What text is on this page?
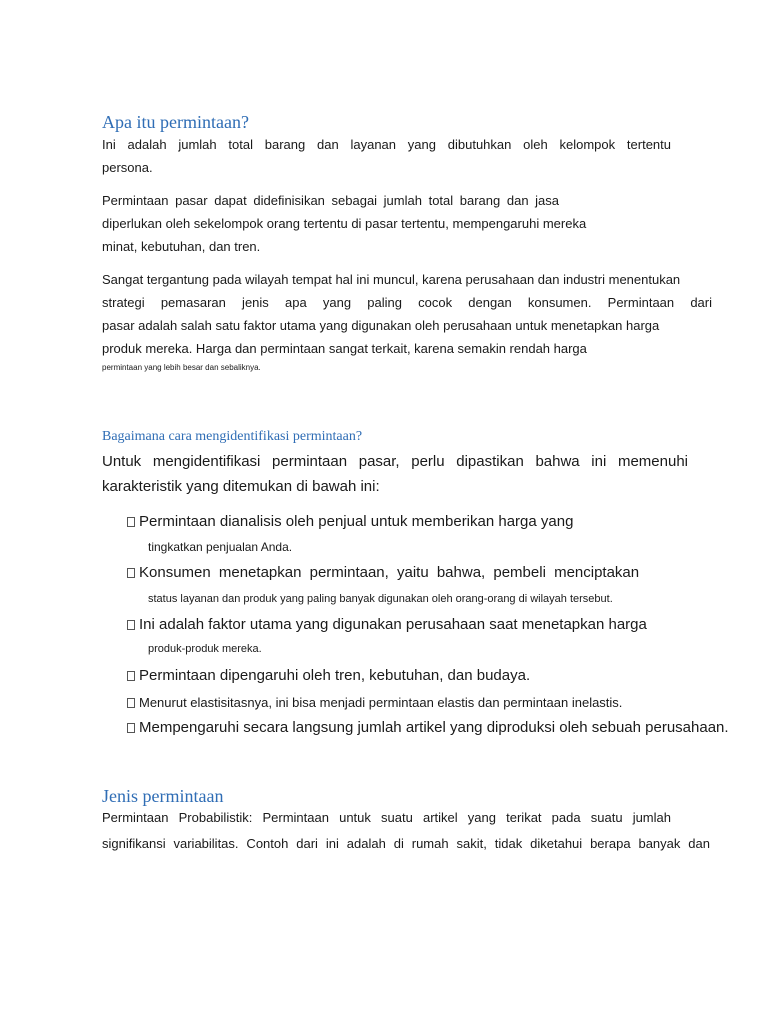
Apa itu permintaan?

Ini adalah jumlah total barang dan layanan yang dibutuhkan oleh kelompok tertentu

persona.

Permintaan pasar dapat didefinisikan sebagai jumlah total barang dan jasa

diperlukan oleh sekelompok orang tertentu di pasar tertentu, mempengaruhi mereka

minat, kebutuhan, dan tren.

Sangat tergantung pada wilayah tempat hal ini muncul, karena perusahaan dan industri menentukan

strategi pemasaran jenis apa yang paling cocok dengan konsumen. Permintaan dari

pasar adalah salah satu faktor utama yang digunakan oleh perusahaan untuk menetapkan harga

produk mereka. Harga dan permintaan sangat terkait, karena semakin rendah harga

permintaan yang lebih besar dan sebaliknya.

Bagaimana cara mengidentifikasi permintaan?

Untuk mengidentifikasi permintaan pasar, perlu dipastikan bahwa ini memenuhi

karakteristik yang ditemukan di bawah ini:

Permintaan dianalisis oleh penjual untuk memberikan harga yang

tingkatkan penjualan Anda.

Konsumen menetapkan permintaan, yaitu bahwa, pembeli menciptakan

status layanan dan produk yang paling banyak digunakan oleh orang-orang di wilayah tersebut.

Ini adalah faktor utama yang digunakan perusahaan saat menetapkan harga

produk-produk mereka.

Permintaan dipengaruhi oleh tren, kebutuhan, dan budaya.
Menurut elastisitasnya, ini bisa menjadi permintaan elastis dan permintaan inelastis.
Mempengaruhi secara langsung jumlah artikel yang diproduksi oleh sebuah perusahaan.
Jenis permintaan

Permintaan Probabilistik: Permintaan untuk suatu artikel yang terikat pada suatu jumlah

signifikansi variabilitas. Contoh dari ini adalah di rumah sakit, tidak diketahui berapa banyak dan
